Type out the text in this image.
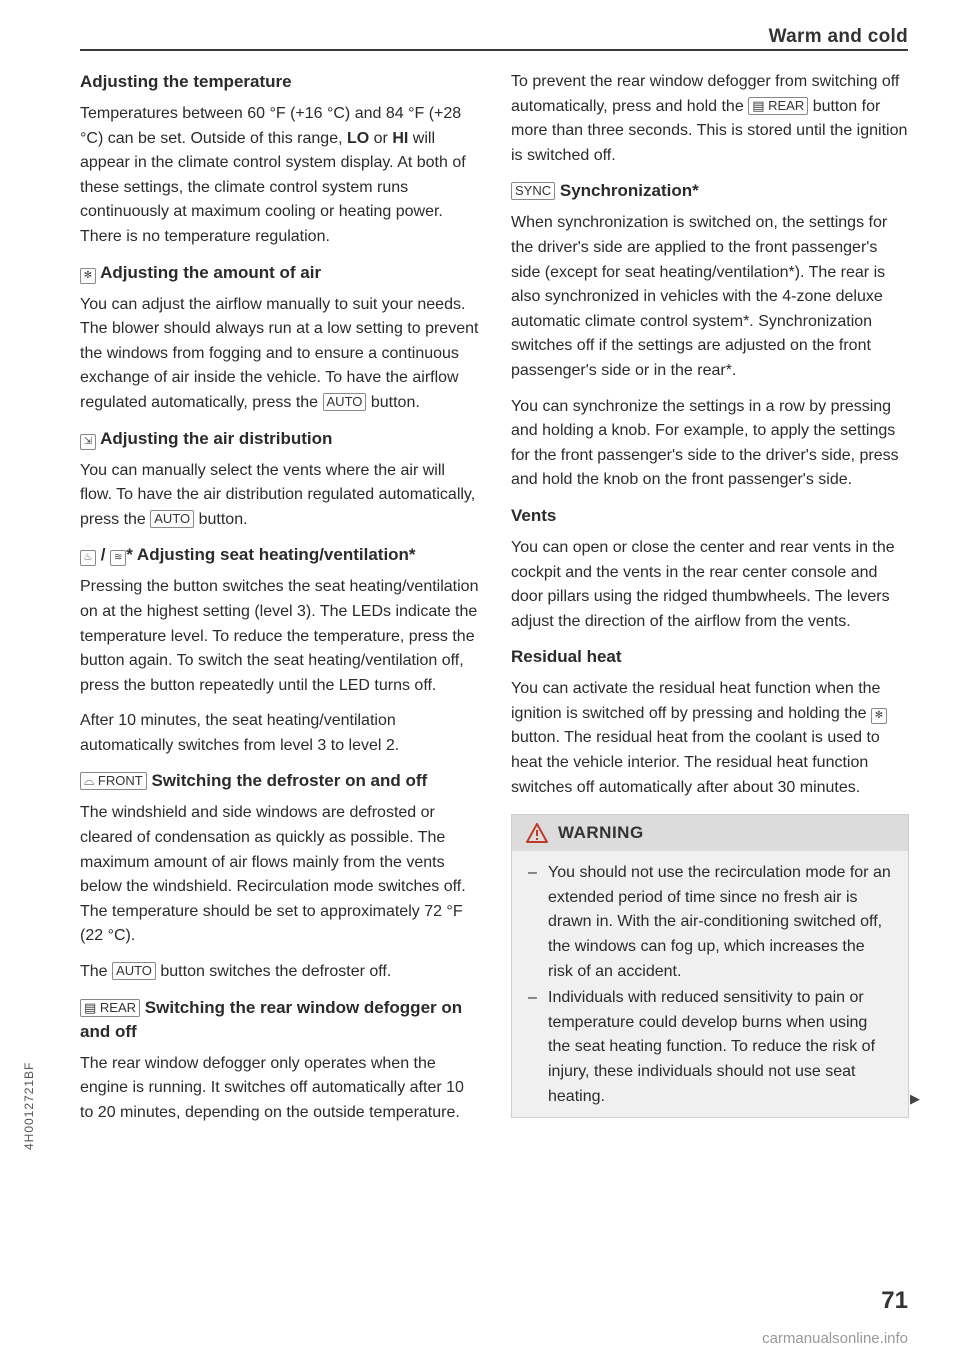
Warm and cold
Adjusting the temperature

Temperatures between 60 °F (+16 °C) and 84 °F (+28 °C) can be set. Outside of this range, LO or HI will appear in the climate control system display. At both of these settings, the climate control system runs continuously at maximum cooling or heating power. There is no temperature regulation.

✻ Adjusting the amount of air

You can adjust the airflow manually to suit your needs. The blower should always run at a low setting to prevent the windows from fogging and to ensure a continuous exchange of air inside the vehicle. To have the airflow regulated automatically, press the AUTO button.

⇲ Adjusting the air distribution

You can manually select the vents where the air will flow. To have the air distribution regulated automatically, press the AUTO button.

♨ / ≋ * Adjusting seat heating/ventilation*

Pressing the button switches the seat heating/ventilation on at the highest setting (level 3). The LEDs indicate the temperature level. To reduce the temperature, press the button again. To switch the seat heating/ventilation off, press the button repeatedly until the LED turns off.

After 10 minutes, the seat heating/ventilation automatically switches from level 3 to level 2.

⌓ FRONT Switching the defroster on and off

The windshield and side windows are defrosted or cleared of condensation as quickly as possible. The maximum amount of air flows mainly from the vents below the windshield. Recirculation mode switches off. The temperature should be set to approximately 72 °F (22 °C).

The AUTO button switches the defroster off.

▤ REAR Switching the rear window defogger on and off

The rear window defogger only operates when the engine is running. It switches off automatically after 10 to 20 minutes, depending on the outside temperature.

To prevent the rear window defogger from switching off automatically, press and hold the ▤ REAR button for more than three seconds. This is stored until the ignition is switched off.

SYNC Synchronization*

When synchronization is switched on, the settings for the driver's side are applied to the front passenger's side (except for seat heating/ventilation*). The rear is also synchronized in vehicles with the 4-zone deluxe automatic climate control system*. Synchronization switches off if the settings are adjusted on the front passenger's side or in the rear*.

You can synchronize the settings in a row by pressing and holding a knob. For example, to apply the settings for the front passenger's side to the driver's side, press and hold the knob on the front passenger's side.

Vents

You can open or close the center and rear vents in the cockpit and the vents in the rear center console and door pillars using the ridged thumbwheels. The levers adjust the direction of the airflow from the vents.

Residual heat

You can activate the residual heat function when the ignition is switched off by pressing and holding the ✻ button. The residual heat from the coolant is used to heat the vehicle interior. The residual heat function switches off automatically after about 30 minutes.

WARNING
– You should not use the recirculation mode for an extended period of time since no fresh air is drawn in. With the air-conditioning switched off, the windows can fog up, which increases the risk of an accident.
– Individuals with reduced sensitivity to pain or temperature could develop burns when using the seat heating function. To reduce the risk of injury, these individuals should not use seat heating.	▶
4H0012721BF
71
carmanualsonline.info
